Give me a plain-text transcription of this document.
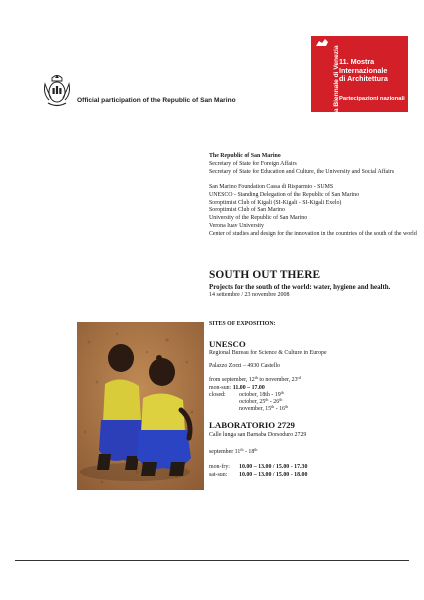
Official participation of the Republic of San Marino	la Biennale di Venezia 11. Mostra
Internazionale
di Architettura
Partecipazioni nazionali
The Republic of San Marino
Secretary of State for Foreign Affairs
Secretary of State for Education and Culture, the University and Social Affairs
San Marino Foundation Cassa di Risparmio - SUMS
UNESCO - Standing Delegation of the Republic of San Marino
Soroptimist Club of Kigali (SI-Kigali - SI-Kigali Exelo)
Soroptimist Club of San Marino
University of the Republic of San Marino
Verona Iuav University
Center of studies and design for the innovation in the countries of the south of the world
SOUTH OUT THERE
Projects for the south of the world: water, hygiene and health.
14 settembre / 23 novembre 2008
SITES OF EXPOSITION:
UNESCO
Regional Bureau for Science & Culture in Europe
Palazzo Zorzi – 4930 Castello
from september, 12th to november, 23rd
mon-sun: 11.00 – 17.00
closed: october, 18th - 19th
october, 25th - 26th
november, 15th - 16th
LABORATORIO 2729
Calle lunga san Barnaba Dorsoduro 2729
september 11th - 18th
mon-fry: 10.00 – 13.00 / 15.00 - 17.30
sat-sun: 10.00 – 13.00 / 15.00 - 18.00
